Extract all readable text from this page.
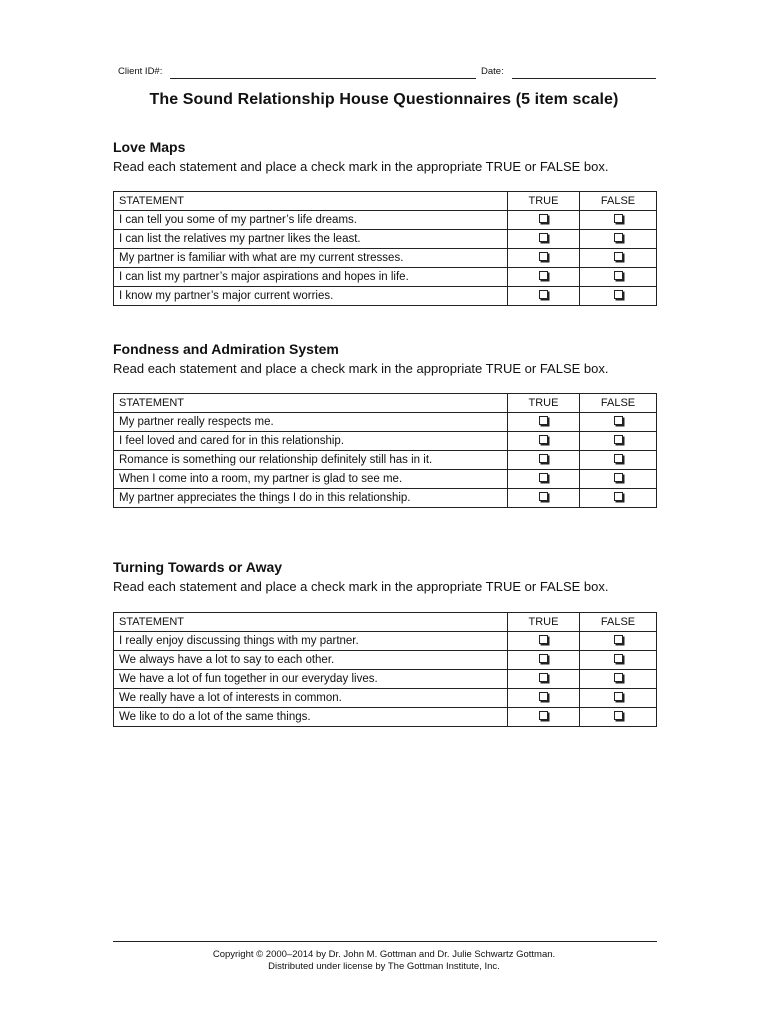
Client ID#:	Date:
The Sound Relationship House Questionnaires (5 item scale)
Love Maps
Read each statement and place a check mark in the appropriate TRUE or FALSE box.
STATEMENT	TRUE	FALSE
I can tell you some of my partner’s life dreams.		
I can list the relatives my partner likes the least.		
My partner is familiar with what are my current stresses.		
I can list my partner’s major aspirations and hopes in life.		
I know my partner’s major current worries.		
Fondness and Admiration System
Read each statement and place a check mark in the appropriate TRUE or FALSE box.
STATEMENT	TRUE	FALSE
My partner really respects me.		
I feel loved and cared for in this relationship.		
Romance is something our relationship definitely still has in it.		
When I come into a room, my partner is glad to see me.		
My partner appreciates the things I do in this relationship.		
Turning Towards or Away
Read each statement and place a check mark in the appropriate TRUE or FALSE box.
STATEMENT	TRUE	FALSE
I really enjoy discussing things with my partner.		
We always have a lot to say to each other.		
We have a lot of fun together in our everyday lives.		
We really have a lot of interests in common.		
We like to do a lot of the same things.		
Copyright © 2000–2014 by Dr. John M. Gottman and Dr. Julie Schwartz Gottman.
Distributed under license by The Gottman Institute, Inc.
